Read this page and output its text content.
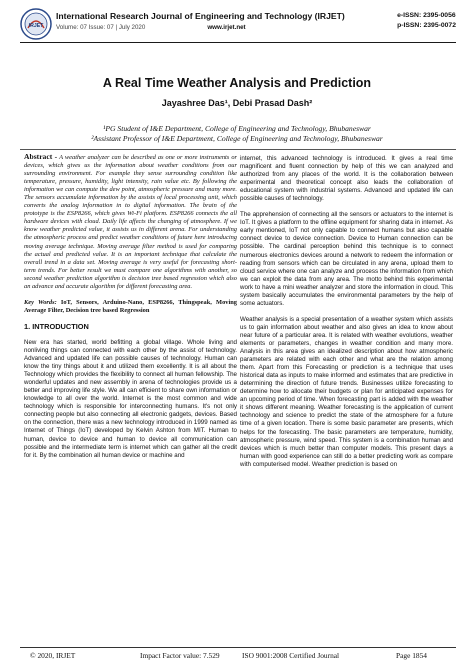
IRJET
International Research Journal of Engineering and Technology (IRJET)
Volume: 07 Issue: 07 | July 2020	www.irjet.net
e-ISSN: 2395-0056
p-ISSN: 2395-0072
A Real Time Weather Analysis and Prediction
Jayashree Das¹, Debi Prasad Dash²
¹PG Student of I&E Department, College of Engineering and Technology, Bhubaneswar
²Assistant Professor of I&E Department, College of Engineering and Technology, Bhubaneswar

Abstract - A weather analyzer can be described as one or more instruments or devices, which gives us the information about weather conditions from our surrounding environment. For example they sense surrounding condition like temperature, pressure, humidity, light intensity, rain value etc. By following the information we can compute the dew point, atmospheric pressure and many more. The sensors accumulate information by the assists of local processing unit, which converts the analog information in to digital information. The brain of the prototype is the ESP8266, which gives Wi-Fi platform. ESP8266 connects the all hardware devices with cloud. Daily life affects the changing of atmosphere. If we know weather predicted value, it assists us in different arena. For understanding the atmospheric process and predict weather conditions of future here introducing moving average technique. Moving average filter method is used for comparing the actual and predicted value. It is an important technique that calculate the overall trend in a data set. Moving average is very useful for forecasting short-term trends. For better result we must compare one algorithms with another, so second weather prediction algorithm is decision tree based regression which also an advance and accurate algorithm for different forecasting area.

Key Words: IoT, Sensors, Arduino-Nano, ESP8266, Thingspeak, Moving Average Filter, Decision tree based Regression

1. INTRODUCTION

New era has started, world befitting a global village. Whole living and nonliving things can connected with each other by the assist of technology. Advanced and updated life can possible causes of technology. Human can know the tiny things about it and utilized them excellently. It is all about the Technology which provides the flexibility to connect all human fellowship. The wonderful updates and new assembly in arena of technologies provide us a better and improving life style. We all can efficient to share own information or knowledge to all over the world. Internet is the most common and wide technology which is responsible for interconnecting humans. It's not only connecting people but also connecting all electronic gadgets, devices. Based on the connection, there was a new technology introduced in 1999 named as Internet of Things (IoT) developed by Kelvin Ashton from MIT. Human to human, device to device and human to device all communication can possible and the intermediate term is internet which can gather all the credit for it. By the combination all human device or machine and

internet, this advanced technology is introduced. It gives a real time magnificent and fluent connection by help of this we can analyzed and authorized from any places of the world. It is the collaboration between experimental and theoretical concept also leads the collaboration of educational system with industrial systems. Advanced and updated life can possible causes of technology.

The apprehension of connecting all the sensors or actuators to the internet is IoT. It gives a platform to the offline equipment for sharing data in internet. As early mentioned, IoT not only capable to connect humans but also capable connect device to device connection. Device to Human connection can be possible. The cardinal perception behind this technique is to connect numerous electronics devices around a network to redeem the information or reading from sensors which can be circulated in any arena, upload them to cloud service where one can analyze and process the information from which we can exploit the data from any area. The motto behind this experimental work to have a mini weather analyzer and store the information in cloud. This system basically accumulates the environmental parameters by the help of some actuators.

Weather analysis is a special presentation of a weather system which assists us to gain information about weather and also gives an idea to know about near future of a particular area. It is related with weather evolutions, weather elements or parameters, changes in weather condition and many more. Analysis in this area gives an idealized description about how atmospheric parameters are related with each other and what are the relation among them. Apart from this Forecasting or prediction is a technique that uses historical data as inputs to make informed and estimates that are predictive in determining the direction of future trends. Businesses utilize forecasting to determine how to allocate their budgets or plan for anticipated expenses for an upcoming period of time. When forecasting part is added with the weather it shows different meaning. Weather forecasting is the application of current technology and science to predict the state of the atmosphere for a future time of a given location. There is some basic parameter are presents, which helps for the forecasting. The basic parameters are temperature, humidity, atmospheric pressure, wind speed. This system is a combination human and devices which is much better than computer models. This present days a human with good experience can still do a better predicting work as compare with computerised model. Weather prediction is based on

© 2020, IRJET	Impact Factor value: 7.529	ISO 9001:2008 Certified Journal	Page 1854
